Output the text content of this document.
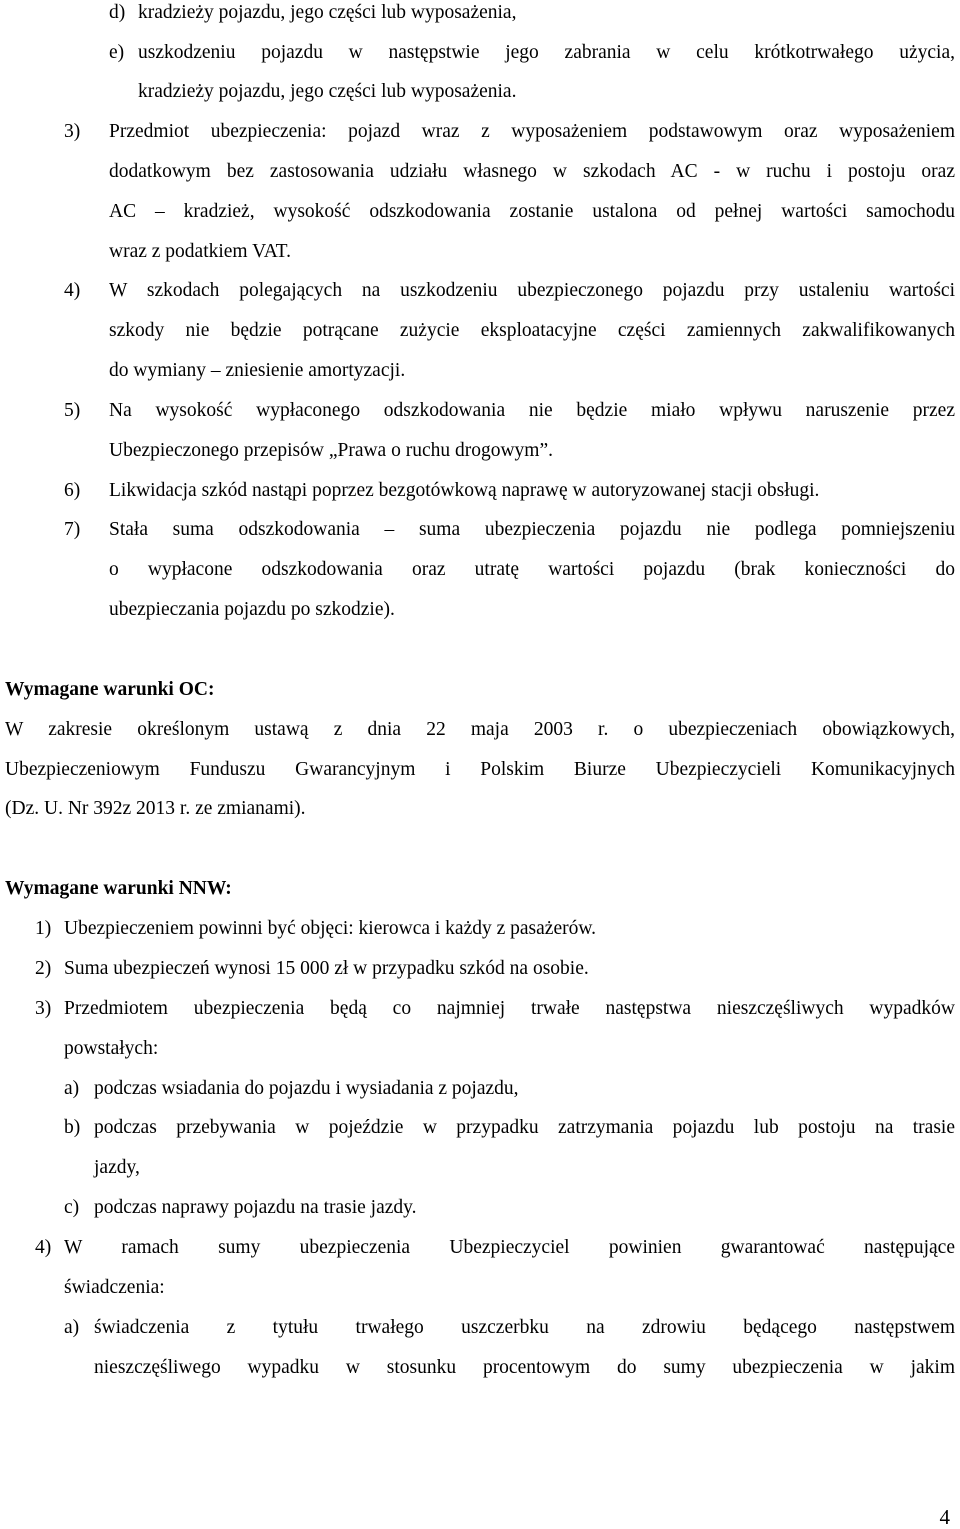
d) kradzieży pojazdu, jego części lub wyposażenia,
e) uszkodzeniu pojazdu w następstwie jego zabrania w celu krótkotrwałego użycia,
kradzieży pojazdu, jego części lub wyposażenia.
3) Przedmiot ubezpieczenia: pojazd wraz z wyposażeniem podstawowym oraz wyposażeniem
dodatkowym bez zastosowania udziału własnego w szkodach AC - w ruchu i postoju oraz
AC – kradzież, wysokość odszkodowania zostanie ustalona od pełnej wartości samochodu
wraz z podatkiem VAT.
4) W szkodach polegających na uszkodzeniu ubezpieczonego pojazdu przy ustaleniu wartości
szkody nie będzie potrącane zużycie eksploatacyjne części zamiennych zakwalifikowanych
do wymiany – zniesienie amortyzacji.
5) Na wysokość wypłaconego odszkodowania nie będzie miało wpływu naruszenie przez
Ubezpieczonego przepisów „Prawa o ruchu drogowym”.
6) Likwidacja szkód nastąpi poprzez bezgotówkową naprawę w autoryzowanej stacji obsługi.
7) Stała suma odszkodowania – suma ubezpieczenia pojazdu nie podlega pomniejszeniu
o wypłacone odszkodowania oraz utratę wartości pojazdu (brak konieczności do
ubezpieczania pojazdu po szkodzie).
Wymagane warunki OC:
W zakresie określonym ustawą z dnia 22 maja 2003 r. o ubezpieczeniach obowiązkowych,
Ubezpieczeniowym Funduszu Gwarancyjnym i Polskim Biurze Ubezpieczycieli Komunikacyjnych
(Dz. U. Nr 392z 2013 r. ze zmianami).
Wymagane warunki NNW:
1) Ubezpieczeniem powinni być objęci: kierowca i każdy z pasażerów.
2) Suma ubezpieczeń wynosi 15 000 zł w przypadku szkód na osobie.
3) Przedmiotem ubezpieczenia będą co najmniej trwałe następstwa nieszczęśliwych wypadków
powstałych:
a) podczas wsiadania do pojazdu i wysiadania z pojazdu,
b) podczas przebywania w pojeździe w przypadku zatrzymania pojazdu lub postoju na trasie
jazdy,
c) podczas naprawy pojazdu na trasie jazdy.
4) W ramach sumy ubezpieczenia Ubezpieczyciel powinien gwarantować następujące
świadczenia:
a) świadczenia z tytułu trwałego uszczerbku na zdrowiu będącego następstwem
nieszczęśliwego wypadku w stosunku procentowym do sumy ubezpieczenia w jakim
4
